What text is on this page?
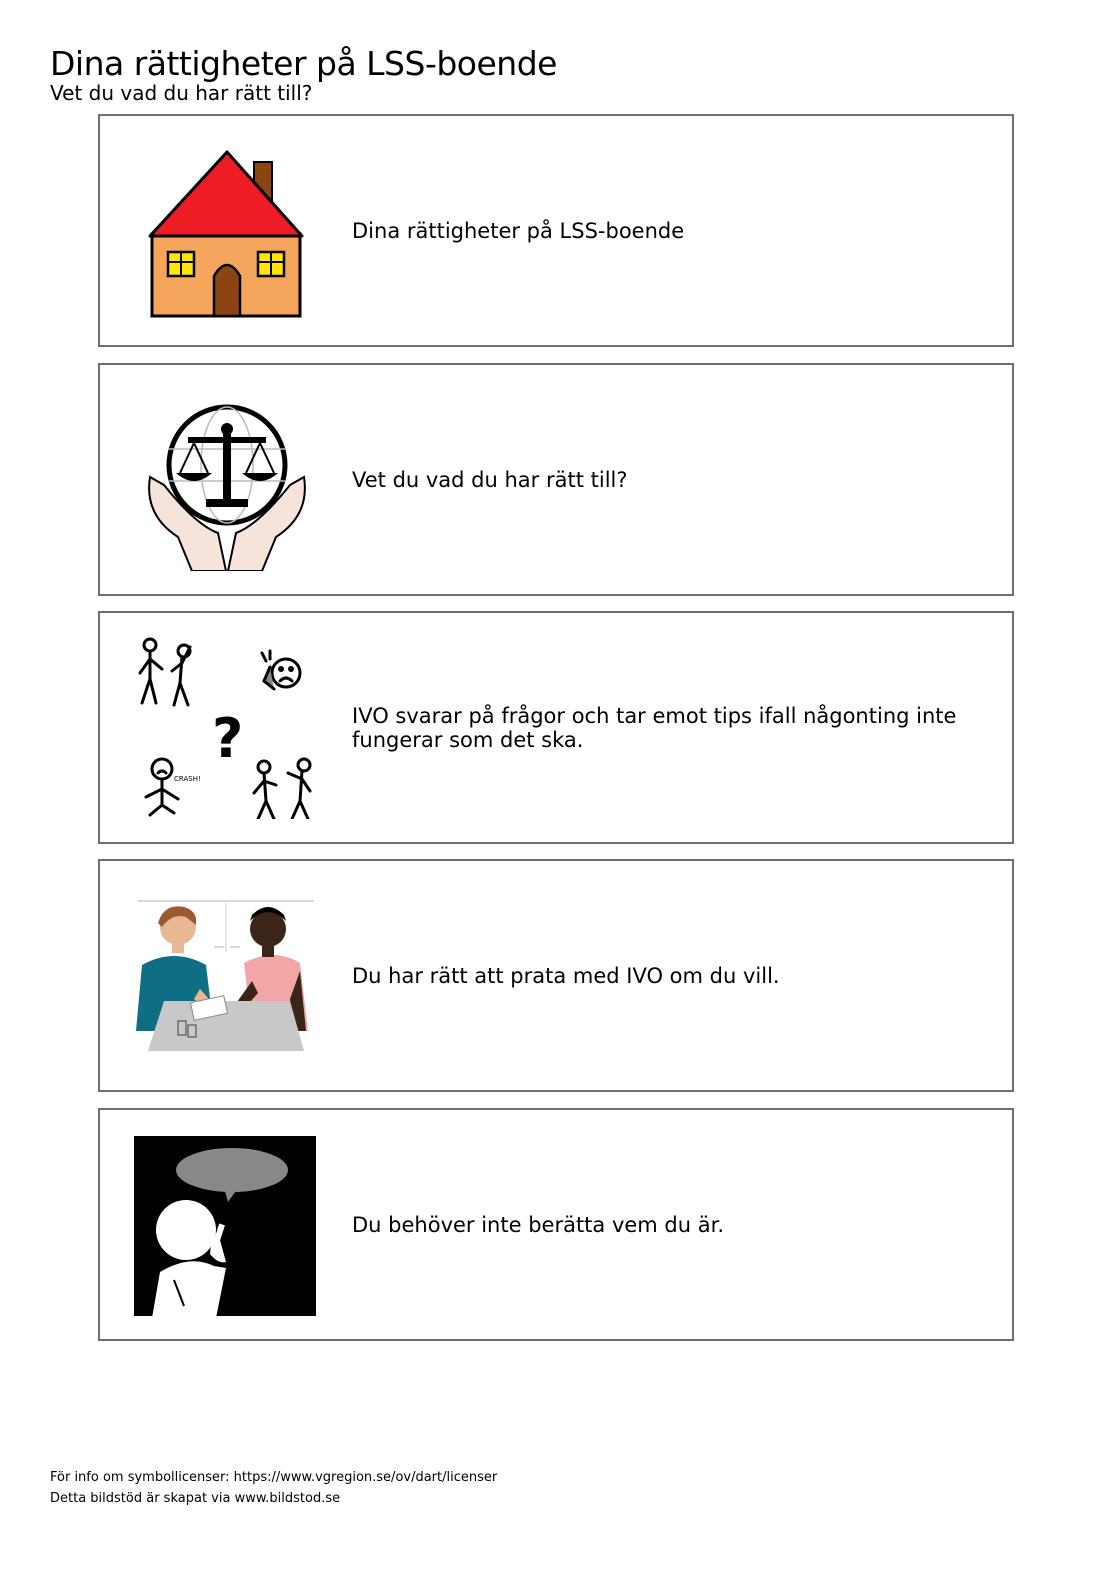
Dina rättigheter på LSS-boende

Vet du vad du har rätt till?

Dina rättigheter på LSS-boende
Vet du vad du har rätt till?
?
CRASH!
IVO svarar på frågor och tar emot tips ifall någonting inte fungerar som det ska.
Du har rätt att prata med IVO om du vill.
Du behöver inte berätta vem du är.
För info om symbollicenser: https://www.vgregion.se/ov/dart/licenser
Detta bildstöd är skapat via www.bildstod.se
